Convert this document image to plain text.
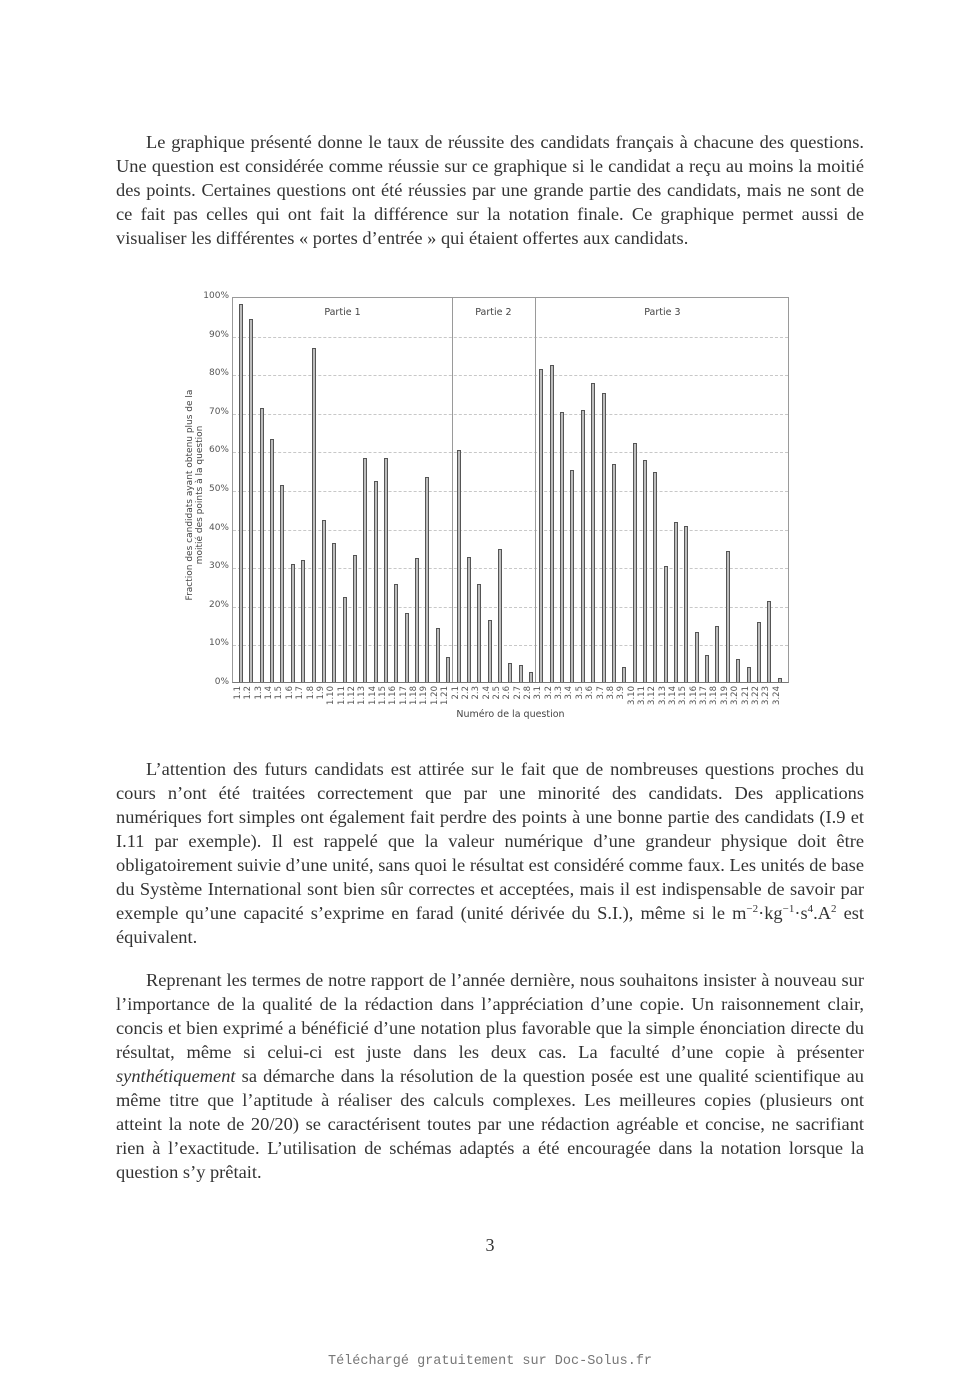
Le graphique présenté donne le taux de réussite des candidats français à chacune des questions. Une question est considérée comme réussie sur ce graphique si le candidat a reçu au moins la moitié des points. Certaines questions ont été réussies par une grande partie des candidats, mais ne sont de ce fait pas celles qui ont fait la différence sur la notation finale. Ce graphique permet aussi de visualiser les différentes « portes d’entrée » qui étaient offertes aux candidats.

Fraction des candidats ayant obtenu plus de la moitié des points à la question
0%
10%
20%
30%
40%
50%
60%
70%
80%
90%
100%
Partie 1	Partie 2	Partie 3
1.1 1.2 1.3 1.4 1.5 1.6 1.7 1.8 1.9 1.10 1.11 1.12 1.13 1.14 1.15 1.16 1.17 1.18 1.19 1.20 1.21 2.1 2.2 2.3 2.4 2.5 2.6 2.7 2.8 3.1 3.2 3.3 3.4 3.5 3.6 3.7 3.8 3.9 3.10 3.11 3.12 3.13 3.14 3.15 3.16 3.17 3.18 3.19 3.20 3.21 3.22 3.23 3.24
Numéro de la question

L’attention des futurs candidats est attirée sur le fait que de nombreuses questions proches du cours n’ont été traitées correctement que par une minorité des candidats. Des applications numériques fort simples ont également fait perdre des points à une bonne partie des candidats (I.9 et I.11 par exemple). Il est rappelé que la valeur numérique d’une grandeur physique doit être obligatoirement suivie d’une unité, sans quoi le résultat est considéré comme faux. Les unités de base du Système International sont bien sûr correctes et acceptées, mais il est indispensable de savoir par exemple qu’une capacité s’exprime en farad (unité dérivée du S.I.), même si le $m^{-2}\cdot kg^{-1}\cdot s^4.A^2$ est équivalent.

Reprenant les termes de notre rapport de l’année dernière, nous souhaitons insister à nouveau sur l’importance de la qualité de la rédaction dans l’appréciation d’une copie. Un raisonnement clair, concis et bien exprimé a bénéficié d’une notation plus favorable que la simple énonciation directe du résultat, même si celui-ci est juste dans les deux cas. La faculté d’une copie à présenter synthétiquement sa démarche dans la résolution de la question posée est une qualité scientifique au même titre que l’aptitude à réaliser des calculs complexes. Les meilleures copies (plusieurs ont atteint la note de 20/20) se caractérisent toutes par une rédaction agréable et concise, ne sacrifiant rien à l’exactitude. L’utilisation de schémas adaptés a été encouragée dans la notation lorsque la question s’y prêtait.

3
Téléchargé gratuitement sur Doc-Solus.fr
